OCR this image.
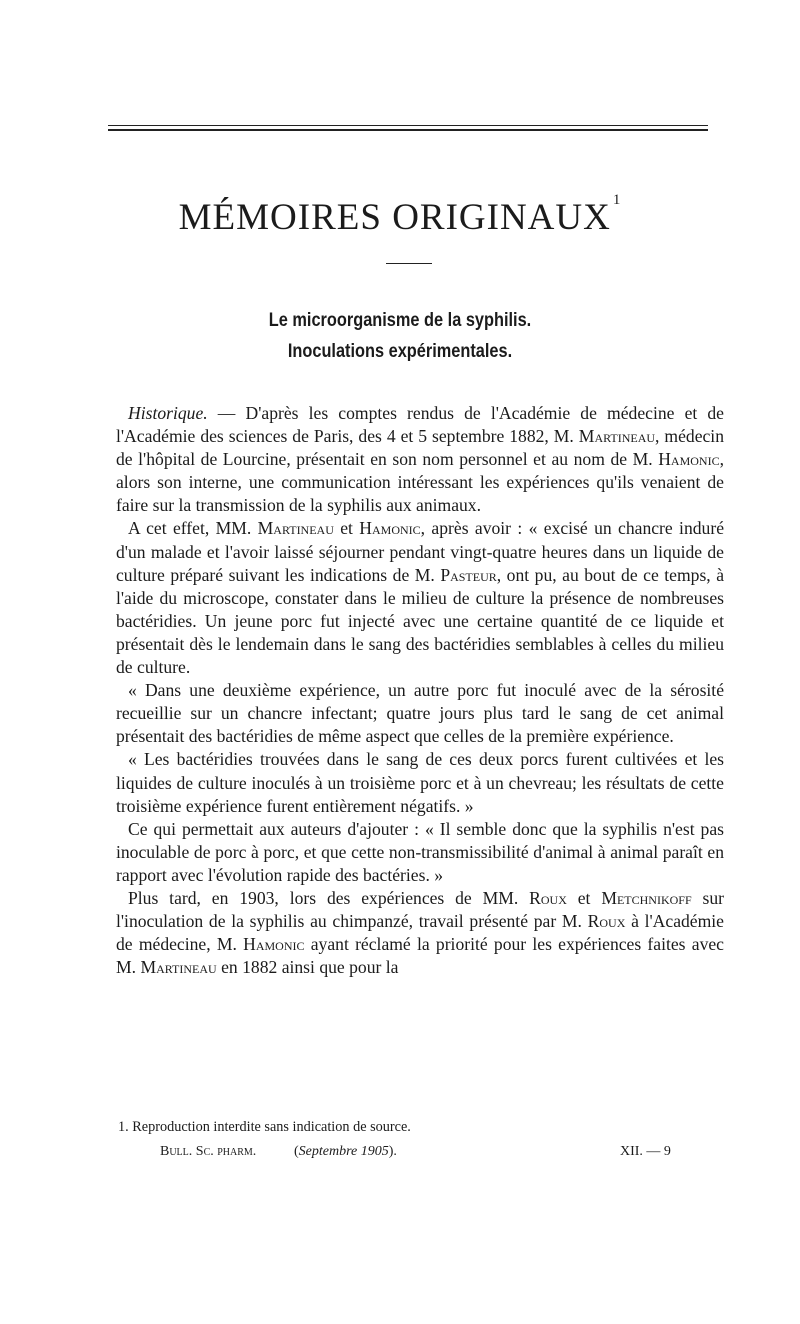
MÉMOIRES ORIGINAUX $^1$
Le microorganisme de la syphilis.
Inoculations expérimentales.

Historique. — D'après les comptes rendus de l'Académie de médecine et de l'Académie des sciences de Paris, des 4 et 5 septembre 1882, M. Martineau, médecin de l'hôpital de Lourcine, présentait en son nom personnel et au nom de M. Hamonic, alors son interne, une communication intéressant les expériences qu'ils venaient de faire sur la transmission de la syphilis aux animaux.

A cet effet, MM. Martineau et Hamonic, après avoir : « excisé un chancre induré d'un malade et l'avoir laissé séjourner pendant vingt-quatre heures dans un liquide de culture préparé suivant les indications de M. Pasteur, ont pu, au bout de ce temps, à l'aide du microscope, constater dans le milieu de culture la présence de nombreuses bactéridies. Un jeune porc fut injecté avec une certaine quantité de ce liquide et présentait dès le lendemain dans le sang des bactéridies semblables à celles du milieu de culture.

« Dans une deuxième expérience, un autre porc fut inoculé avec de la sérosité recueillie sur un chancre infectant; quatre jours plus tard le sang de cet animal présentait des bactéridies de même aspect que celles de la première expérience.

« Les bactéridies trouvées dans le sang de ces deux porcs furent cultivées et les liquides de culture inoculés à un troisième porc et à un chevreau; les résultats de cette troisième expérience furent entièrement négatifs. »

Ce qui permettait aux auteurs d'ajouter : « Il semble donc que la syphilis n'est pas inoculable de porc à porc, et que cette non-transmissibilité d'animal à animal paraît en rapport avec l'évolution rapide des bactéries. »

Plus tard, en 1903, lors des expériences de MM. Roux et Metchnikoff sur l'inoculation de la syphilis au chimpanzé, travail présenté par M. Roux à l'Académie de médecine, M. Hamonic ayant réclamé la priorité pour les expériences faites avec M. Martineau en 1882 ainsi que pour la

1. Reproduction interdite sans indication de source.
Bull. Sc. pharm.	(Septembre 1905).	XII. — 9
